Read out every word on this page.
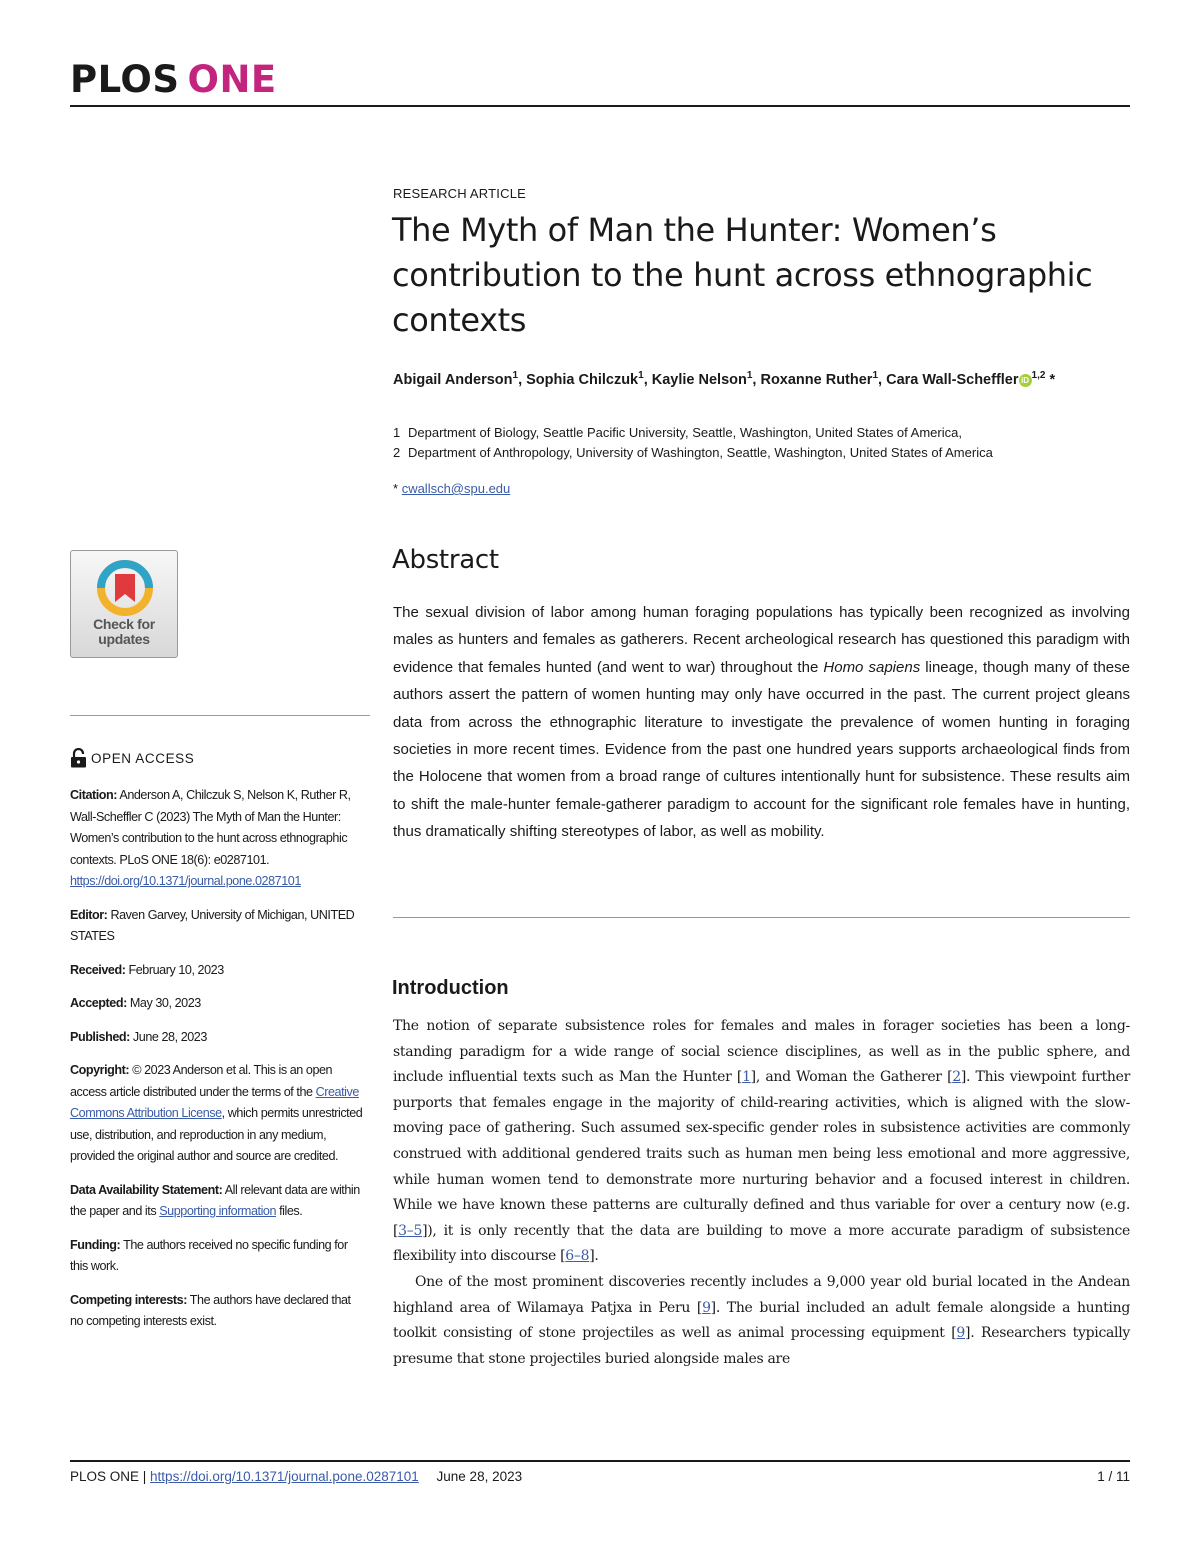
PLOS ONE
RESEARCH ARTICLE
The Myth of Man the Hunter: Women’s contribution to the hunt across ethnographic contexts
Abigail Anderson$^1$, Sophia Chilczuk$^1$, Kaylie Nelson$^1$, Roxanne Ruther$^1$, Cara Wall-Scheffler iD $^{1,2}$ *
1 Department of Biology, Seattle Pacific University, Seattle, Washington, United States of America,
2 Department of Anthropology, University of Washington, Seattle, Washington, United States of America
* cwallsch@spu.edu
Check for
updates
OPEN ACCESS

Citation: Anderson A, Chilczuk S, Nelson K, Ruther R, Wall-Scheffler C (2023) The Myth of Man the Hunter: Women’s contribution to the hunt across ethnographic contexts. PLoS ONE 18(6): e0287101. https://doi.org/10.1371/journal.pone.0287101

Editor: Raven Garvey, University of Michigan, UNITED STATES

Received: February 10, 2023

Accepted: May 30, 2023

Published: June 28, 2023

Copyright: © 2023 Anderson et al. This is an open access article distributed under the terms of the Creative Commons Attribution License, which permits unrestricted use, distribution, and reproduction in any medium, provided the original author and source are credited.

Data Availability Statement: All relevant data are within the paper and its Supporting information files.

Funding: The authors received no specific funding for this work.

Competing interests: The authors have declared that no competing interests exist.

Abstract

The sexual division of labor among human foraging populations has typically been recognized as involving males as hunters and females as gatherers. Recent archeological research has questioned this paradigm with evidence that females hunted (and went to war) throughout the Homo sapiens lineage, though many of these authors assert the pattern of women hunting may only have occurred in the past. The current project gleans data from across the ethnographic literature to investigate the prevalence of women hunting in foraging societies in more recent times. Evidence from the past one hundred years supports archaeological finds from the Holocene that women from a broad range of cultures intentionally hunt for subsistence. These results aim to shift the male-hunter female-gatherer paradigm to account for the significant role females have in hunting, thus dramatically shifting stereotypes of labor, as well as mobility.

Introduction

The notion of separate subsistence roles for females and males in forager societies has been a long-standing paradigm for a wide range of social science disciplines, as well as in the public sphere, and include influential texts such as Man the Hunter [1], and Woman the Gatherer [2]. This viewpoint further purports that females engage in the majority of child-rearing activities, which is aligned with the slow-moving pace of gathering. Such assumed sex-specific gender roles in subsistence activities are commonly construed with additional gendered traits such as human men being less emotional and more aggressive, while human women tend to demonstrate more nurturing behavior and a focused interest in children. While we have known these patterns are culturally defined and thus variable for over a century now (e.g. [3–5]), it is only recently that the data are building to move a more accurate paradigm of subsistence flexibility into discourse [6–8].

One of the most prominent discoveries recently includes a 9,000 year old burial located in the Andean highland area of Wilamaya Patjxa in Peru [9]. The burial included an adult female alongside a hunting toolkit consisting of stone projectiles as well as animal processing equipment [9]. Researchers typically presume that stone projectiles buried alongside males are

PLOS ONE | https://doi.org/10.1371/journal.pone.0287101 June 28, 2023	1 / 11
